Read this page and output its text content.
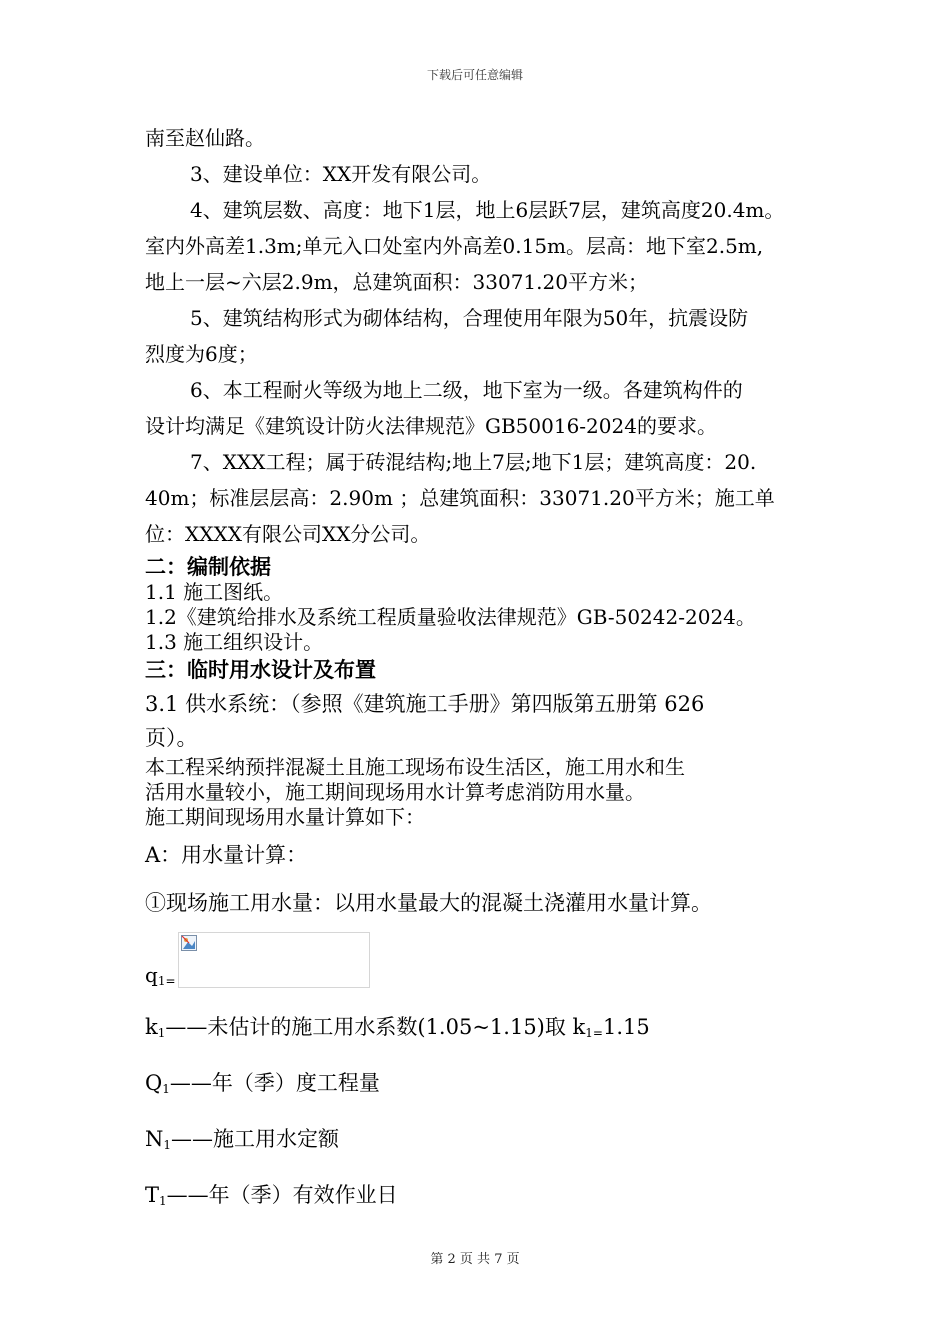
下载后可任意编辑

南至赵仙路。

3、建设单位：XX开发有限公司。

4、建筑层数、高度：地下1层，地上6层跃7层，建筑高度20.4m。

室内外高差1.3m;单元入口处室内外高差0.15m。层高：地下室2.5m,

地上一层~六层2.9m，总建筑面积：33071.20平方米；

5、建筑结构形式为砌体结构，合理使用年限为50年，抗震设防

烈度为6度；

6、本工程耐火等级为地上二级，地下室为一级。各建筑构件的

设计均满足《建筑设计防火法律规范》GB50016-2024的要求。

7、XXX工程；属于砖混结构;地上7层;地下1层；建筑高度：20.

40m；标准层层高：2.90m ；总建筑面积：33071.20平方米；施工单

位：XXXX有限公司XX分公司。

二：编制依据

1.1 施工图纸。

1.2《建筑给排水及系统工程质量验收法律规范》GB-50242-2024。

1.3 施工组织设计。

三：临时用水设计及布置

3.1 供水系统：（参照《建筑施工手册》第四版第五册第 626

页）。

本工程采纳预拌混凝土且施工现场布设生活区，施工用水和生

活用水量较小，施工期间现场用水计算考虑消防用水量。

施工期间现场用水量计算如下：

A：用水量计算：

①现场施工用水量：以用水量最大的混凝土浇灌用水量计算。

$q_{1=}$

$k_1——$未估计的施工用水系数(1.05~1.15)取 $k_{1=}1.15$

$Q_1——$年（季）度工程量

$N_1——$施工用水定额

$T_1——$年（季）有效作业日

第 2 页 共 7 页
